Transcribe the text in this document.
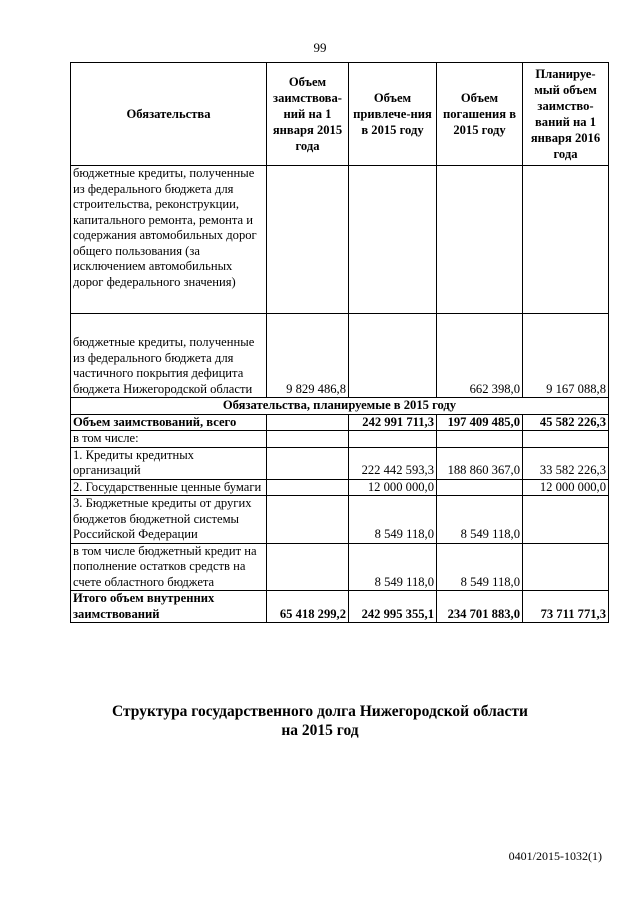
99
Обязательства	Объем заимствова-ний на 1 января 2015 года	Объем привлече-ния в 2015 году	Объем погашения в 2015 году	Планируе-мый объем заимство-ваний на 1 января 2016 года
бюджетные кредиты, полученные из федерального бюджета для строительства, реконструкции, капитального ремонта, ремонта и содержания автомобильных дорог общего пользования (за исключением автомобильных дорог федерального значения)				
бюджетные кредиты, полученные из федерального бюджета для частичного покрытия дефицита бюджета Нижегородской области	9 829 486,8		662 398,0	9 167 088,8
Обязательства, планируемые в 2015 году				
Объем заимствований, всего		242 991 711,3	197 409 485,0	45 582 226,3
в том числе:				
1. Кредиты кредитных организаций		222 442 593,3	188 860 367,0	33 582 226,3
2. Государственные ценные бумаги		12 000 000,0		12 000 000,0
3. Бюджетные кредиты от других бюджетов бюджетной системы Российской Федерации		8 549 118,0	8 549 118,0	
в том числе бюджетный кредит на пополнение остатков средств на счете областного бюджета		8 549 118,0	8 549 118,0	
Итого объем внутренних заимствований	65 418 299,2	242 995 355,1	234 701 883,0	73 711 771,3
Структура государственного долга Нижегородской области
на 2015 год
0401/2015-1032(1)
